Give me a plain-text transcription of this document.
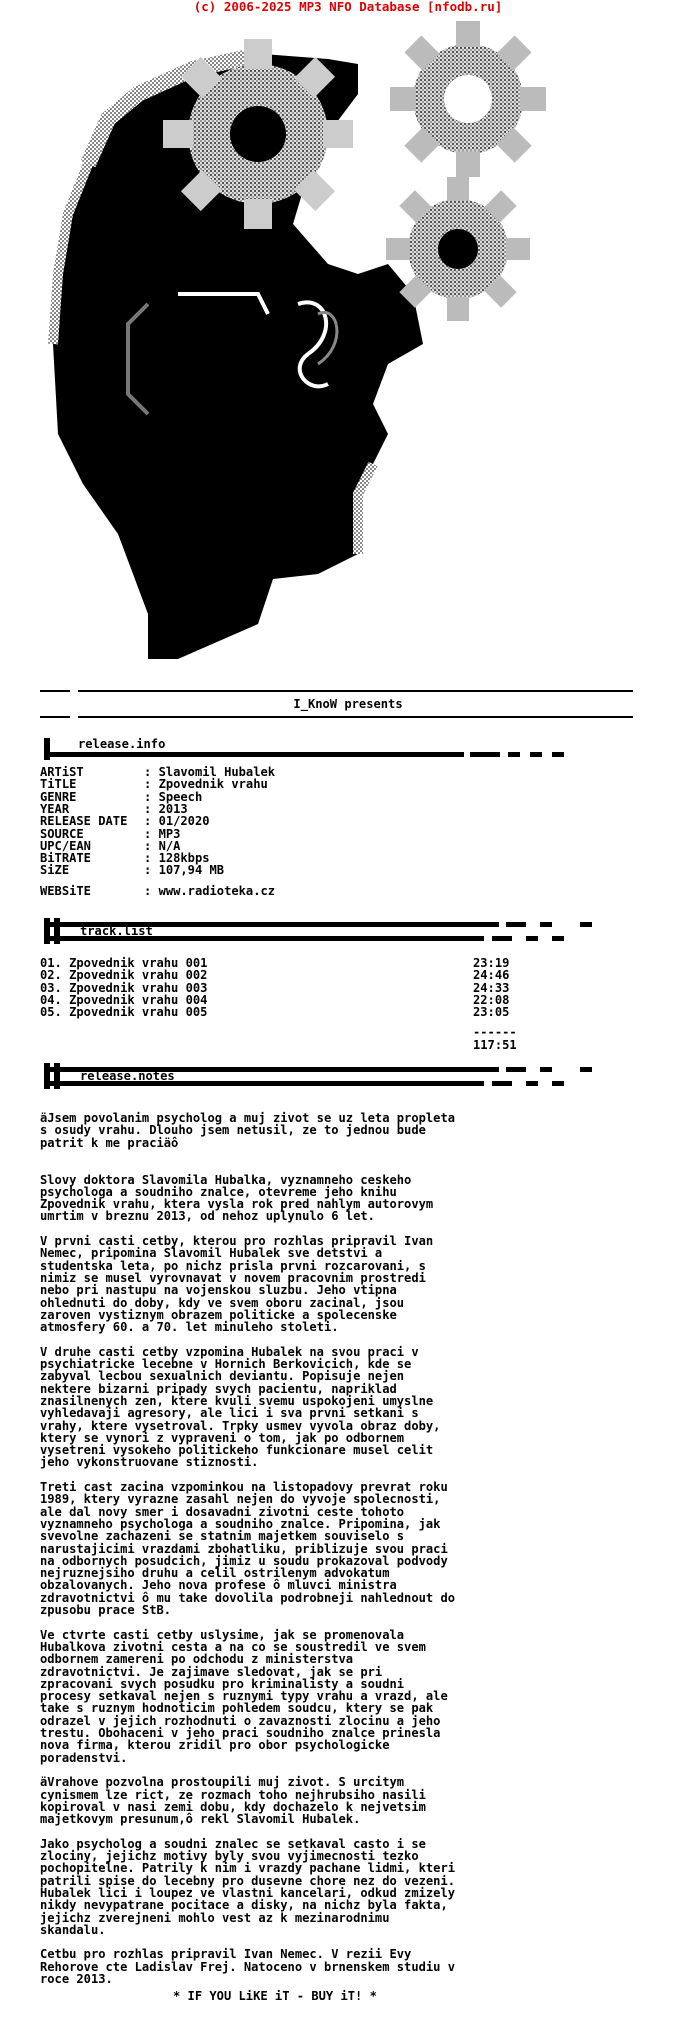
(c) 2006-2025 MP3 NFO Database [nfodb.ru]
I_KnoW presents

release.info

ARTiST	: Slavomil Hubalek
TiTLE	: Zpovednik vrahu
GENRE	: Speech
YEAR	: 2013
RELEASE DATE : 01/2020
SOURCE	: MP3
UPC/EAN	: N/A
BiTRATE	: 128kbps
SiZE	: 107,94 MB
WEBSiTE	: www.radioteka.cz

track.list

01. Zpovednik vrahu 001	23:19
02. Zpovednik vrahu 002	24:46
03. Zpovednik vrahu 003	24:33
04. Zpovednik vrahu 004	22:08
05. Zpovednik vrahu 005	23:05

------

117:51

release.notes

äJsem povolanim psycholog a muj zivot se uz leta propleta
s osudy vrahu. Dlouho jsem netusil, ze to jednou bude
patrit k me praciäô
Slovy doktora Slavomila Hubalka, vyznamneho ceskeho
psychologa a soudniho znalce, otevreme jeho knihu
Zpovednik vrahu, ktera vysla rok pred nahlym autorovym
umrtim v breznu 2013, od nehoz uplynulo 6 let.
V prvni casti cetby, kterou pro rozhlas pripravil Ivan
Nemec, pripomina Slavomil Hubalek sve detstvi a
studentska leta, po nichz prisla prvni rozcarovani, s
nimiz se musel vyrovnavat v novem pracovnim prostredi
nebo pri nastupu na vojenskou sluzbu. Jeho vtipna
ohlednuti do doby, kdy ve svem oboru zacinal, jsou
zaroven vystiznym obrazem politicke a spolecenske
atmosfery 60. a 70. let minuleho stoleti.
V druhe casti cetby vzpomina Hubalek na svou praci v
psychiatricke lecebne v Hornich Berkovicich, kde se
zabyval lecbou sexualnich deviantu. Popisuje nejen
nektere bizarni pripady svych pacientu, napriklad
znasilnenych zen, ktere kvuli svemu uspokojeni umyslne
vyhledavaji agresory, ale lici i sva prvni setkani s
vrahy, ktere vysetroval. Trpky usmev vyvola obraz doby,
ktery se vynori z vypraveni o tom, jak po odbornem
vysetreni vysokeho politickeho funkcionare musel celit
jeho vykonstruovane stiznosti.
Treti cast zacina vzpominkou na listopadovy prevrat roku
1989, ktery vyrazne zasahl nejen do vyvoje spolecnosti,
ale dal novy smer i dosavadni zivotni ceste tohoto
vyznamneho psychologa a soudniho znalce. Pripomina, jak
svevolne zachazeni se statnim majetkem souviselo s
narustajicimi vrazdami zbohatliku, priblizuje svou praci
na odbornych posudcich, jimiz u soudu prokazoval podvody
nejruznejsiho druhu a celil ostrilenym advokatum
obzalovanych. Jeho nova profese ô mluvci ministra
zdravotnictvi ô mu take dovolila podrobneji nahlednout do
zpusobu prace StB.
Ve ctvrte casti cetby uslysime, jak se promenovala
Hubalkova zivotni cesta a na co se soustredil ve svem
odbornem zamereni po odchodu z ministerstva
zdravotnictvi. Je zajimave sledovat, jak se pri
zpracovani svych posudku pro kriminalisty a soudni
procesy setkaval nejen s ruznymi typy vrahu a vrazd, ale
take s ruznym hodnoticim pohledem soudcu, ktery se pak
odrazel v jejich rozhodnuti o zavaznosti zlocinu a jeho
trestu. Obohaceni v jeho praci soudniho znalce prinesla
nova firma, kterou zridil pro obor psychologicke
poradenstvi.
äVrahove pozvolna prostoupili muj zivot. S urcitym
cynismem lze rict, ze rozmach toho nejhrubsiho nasili
kopiroval v nasi zemi dobu, kdy dochazelo k nejvetsim
majetkovym presunum,ô rekl Slavomil Hubalek.
Jako psycholog a soudni znalec se setkaval casto i se
zlociny, jejichz motivy byly svou vyjimecnosti tezko
pochopitelne. Patrily k nim i vrazdy pachane lidmi, kteri
patrili spise do lecebny pro dusevne chore nez do vezeni.
Hubalek lici i loupez ve vlastni kancelari, odkud zmizely
nikdy nevypatrane pocitace a disky, na nichz byla fakta,
jejichz zverejneni mohlo vest az k mezinarodnimu
skandalu.
Cetbu pro rozhlas pripravil Ivan Nemec. V rezii Evy
Rehorove cte Ladislav Frej. Natoceno v brnenskem studiu v
roce 2013.

* IF YOU LiKE iT - BUY iT! *
